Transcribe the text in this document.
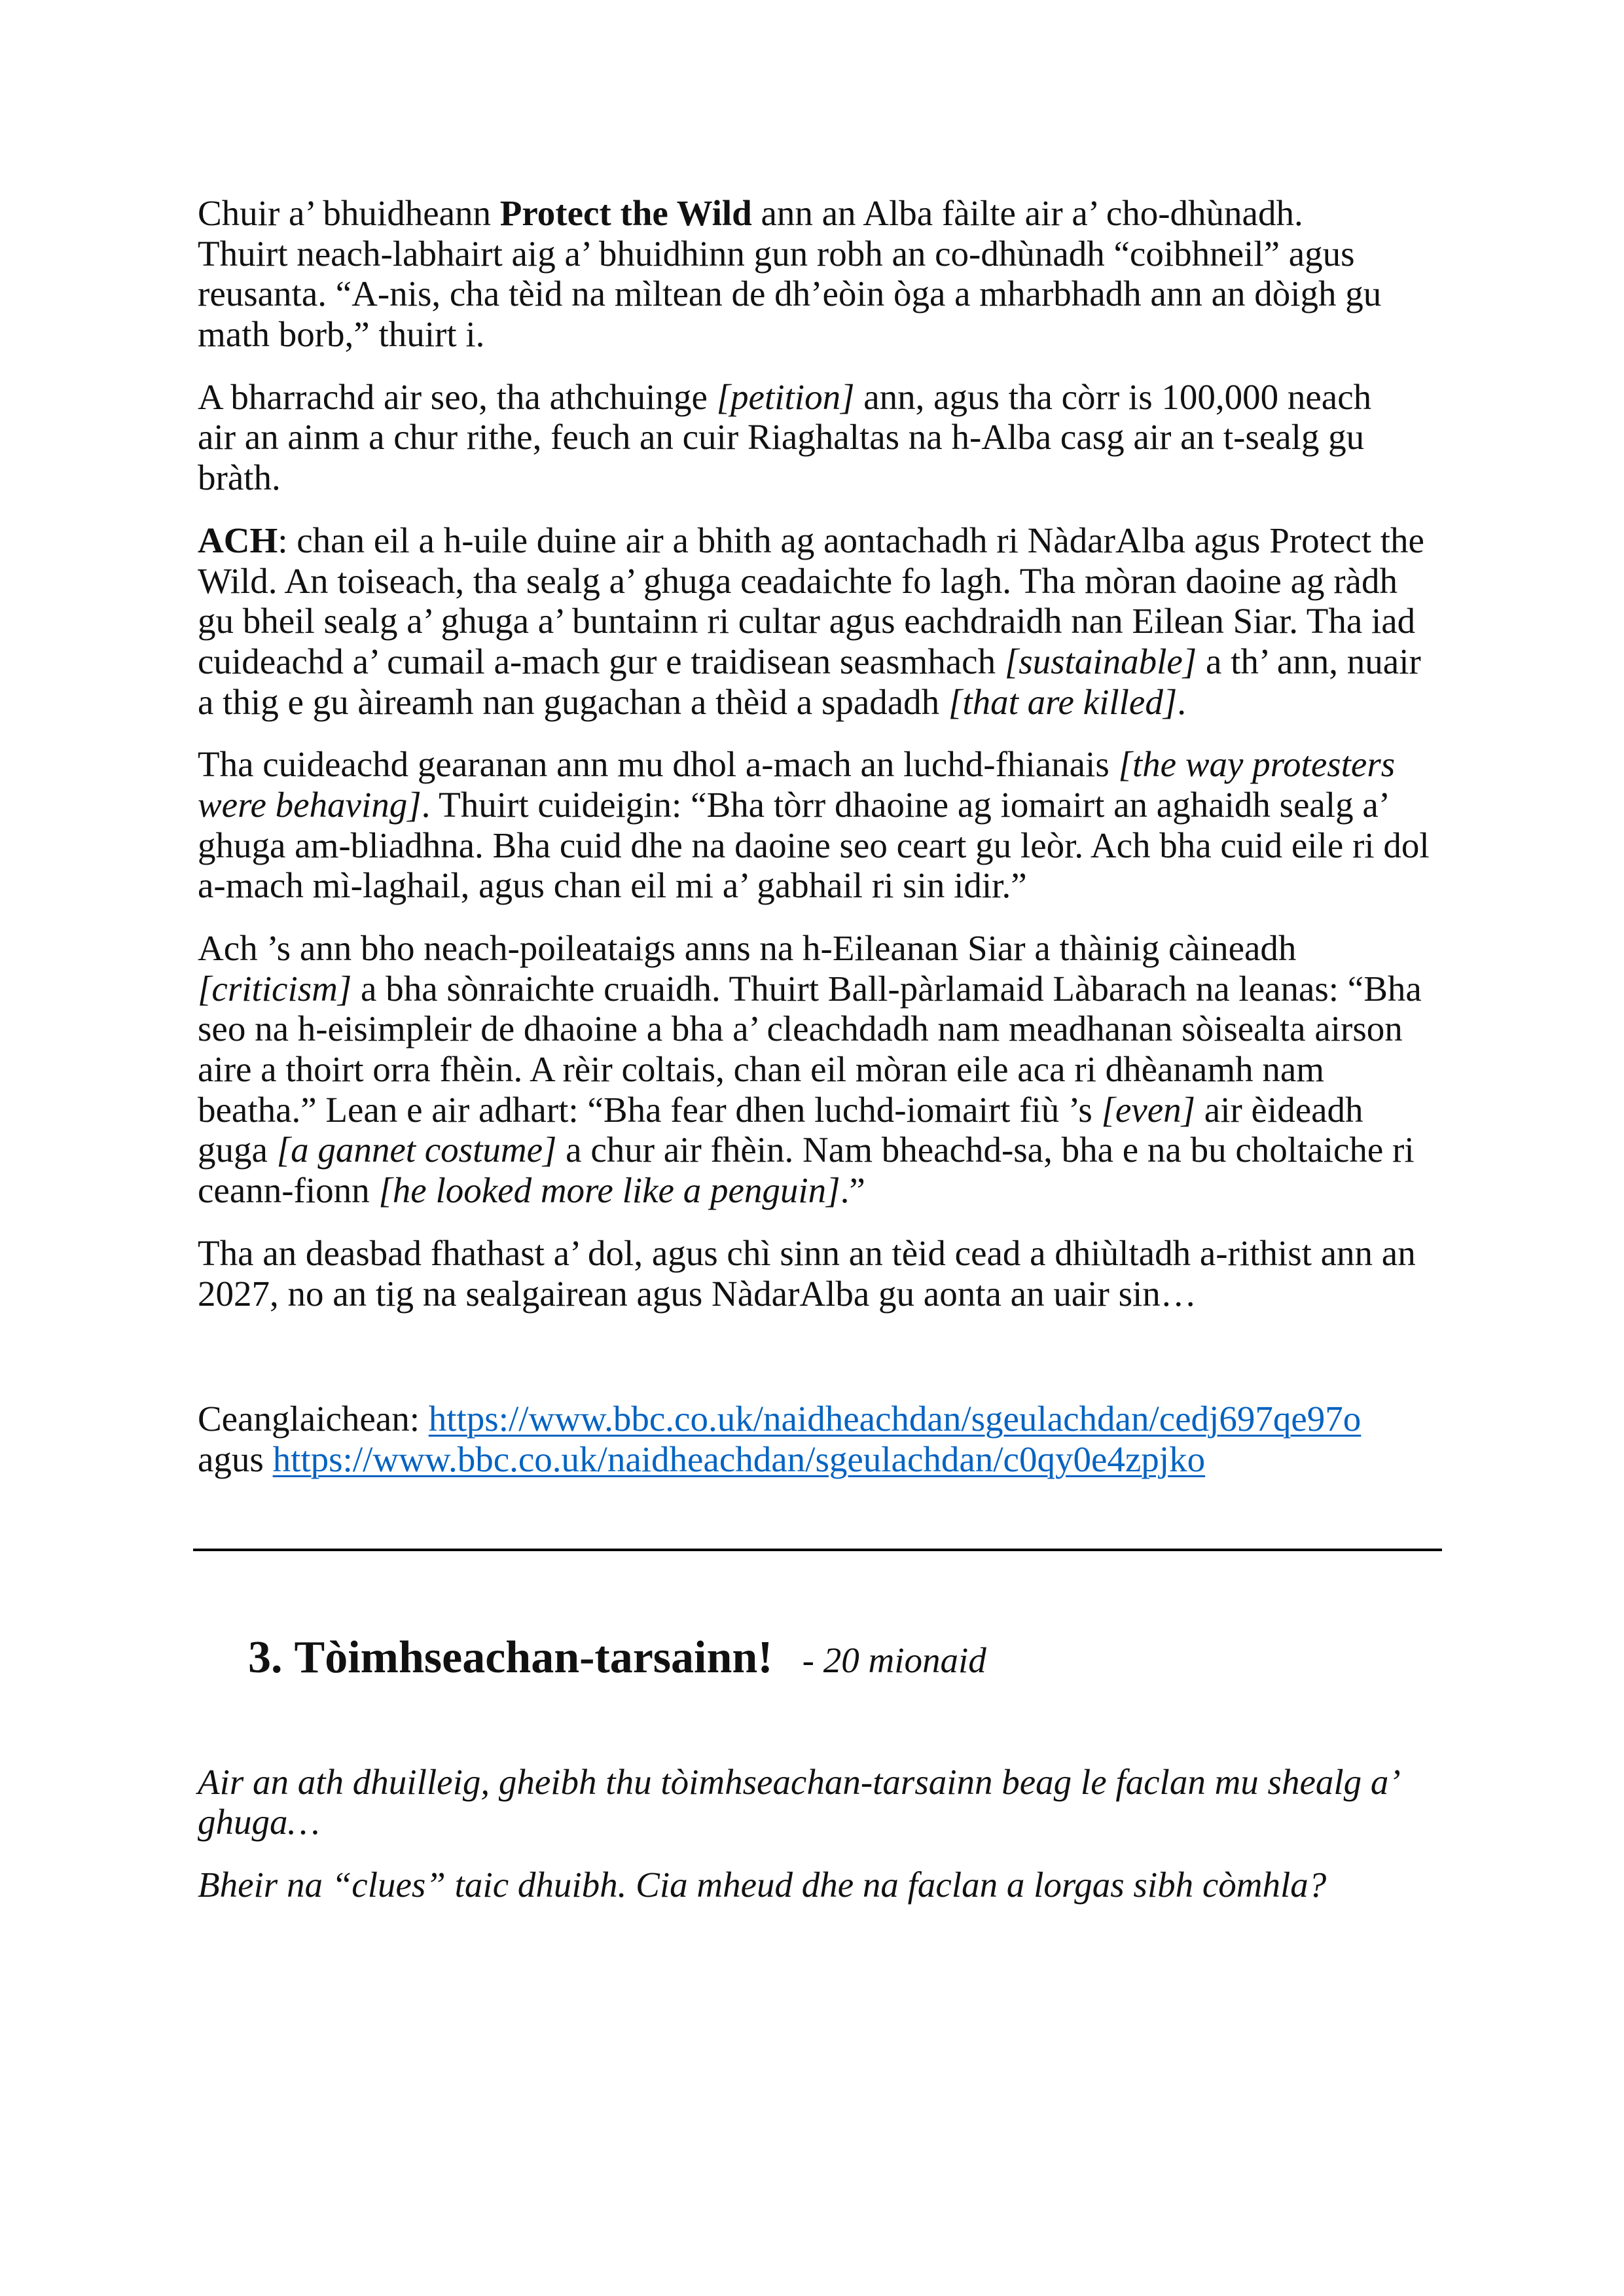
Chuir a’ bhuidheann Protect the Wild ann an Alba fàilte air a’ cho-dhùnadh.
Thuirt neach-labhairt aig a’ bhuidhinn gun robh an co-dhùnadh “coibhneil” agus
reusanta. “A-nis, cha tèid na mìltean de dh’eòin òga a mharbhadh ann an dòigh gu
math borb,” thuirt i.
A bharrachd air seo, tha athchuinge [petition] ann, agus tha còrr is 100,000 neach
air an ainm a chur rithe, feuch an cuir Riaghaltas na h-Alba casg air an t-sealg gu
bràth.
ACH: chan eil a h-uile duine air a bhith ag aontachadh ri NàdarAlba agus Protect the
Wild. An toiseach, tha sealg a’ ghuga ceadaichte fo lagh. Tha mòran daoine ag ràdh
gu bheil sealg a’ ghuga a’ buntainn ri cultar agus eachdraidh nan Eilean Siar. Tha iad
cuideachd a’ cumail a-mach gur e traidisean seasmhach [sustainable] a th’ ann, nuair
a thig e gu àireamh nan gugachan a thèid a spadadh [that are killed].
Tha cuideachd gearanan ann mu dhol a-mach an luchd-fhianais [the way protesters
were behaving]. Thuirt cuideigin: “Bha tòrr dhaoine ag iomairt an aghaidh sealg a’
ghuga am-bliadhna. Bha cuid dhe na daoine seo ceart gu leòr. Ach bha cuid eile ri dol
a-mach mì-laghail, agus chan eil mi a’ gabhail ri sin idir.”
Ach ’s ann bho neach-poileataigs anns na h-Eileanan Siar a thàinig càineadh
[criticism] a bha sònraichte cruaidh. Thuirt Ball-pàrlamaid Làbarach na leanas: “Bha
seo na h-eisimpleir de dhaoine a bha a’ cleachdadh nam meadhanan sòisealta airson
aire a thoirt orra fhèin. A rèir coltais, chan eil mòran eile aca ri dhèanamh nam
beatha.” Lean e air adhart: “Bha fear dhen luchd-iomairt fiù ’s [even] air èideadh
guga [a gannet costume] a chur air fhèin. Nam bheachd-sa, bha e na bu choltaiche ri
ceann-fionn [he looked more like a penguin].”
Tha an deasbad fhathast a’ dol, agus chì sinn an tèid cead a dhiùltadh a-rithist ann an
2027, no an tig na sealgairean agus NàdarAlba gu aonta an uair sin…
Ceanglaichean: https://www.bbc.co.uk/naidheachdan/sgeulachdan/cedj697qe97o
agus https://www.bbc.co.uk/naidheachdan/sgeulachdan/c0qy0e4zpjko
3. Tòimhseachan-tarsainn! - 20 mionaid
Air an ath dhuilleig, gheibh thu tòimhseachan-tarsainn beag le faclan mu shealg a’
ghuga…
Bheir na “clues” taic dhuibh. Cia mheud dhe na faclan a lorgas sibh còmhla?
